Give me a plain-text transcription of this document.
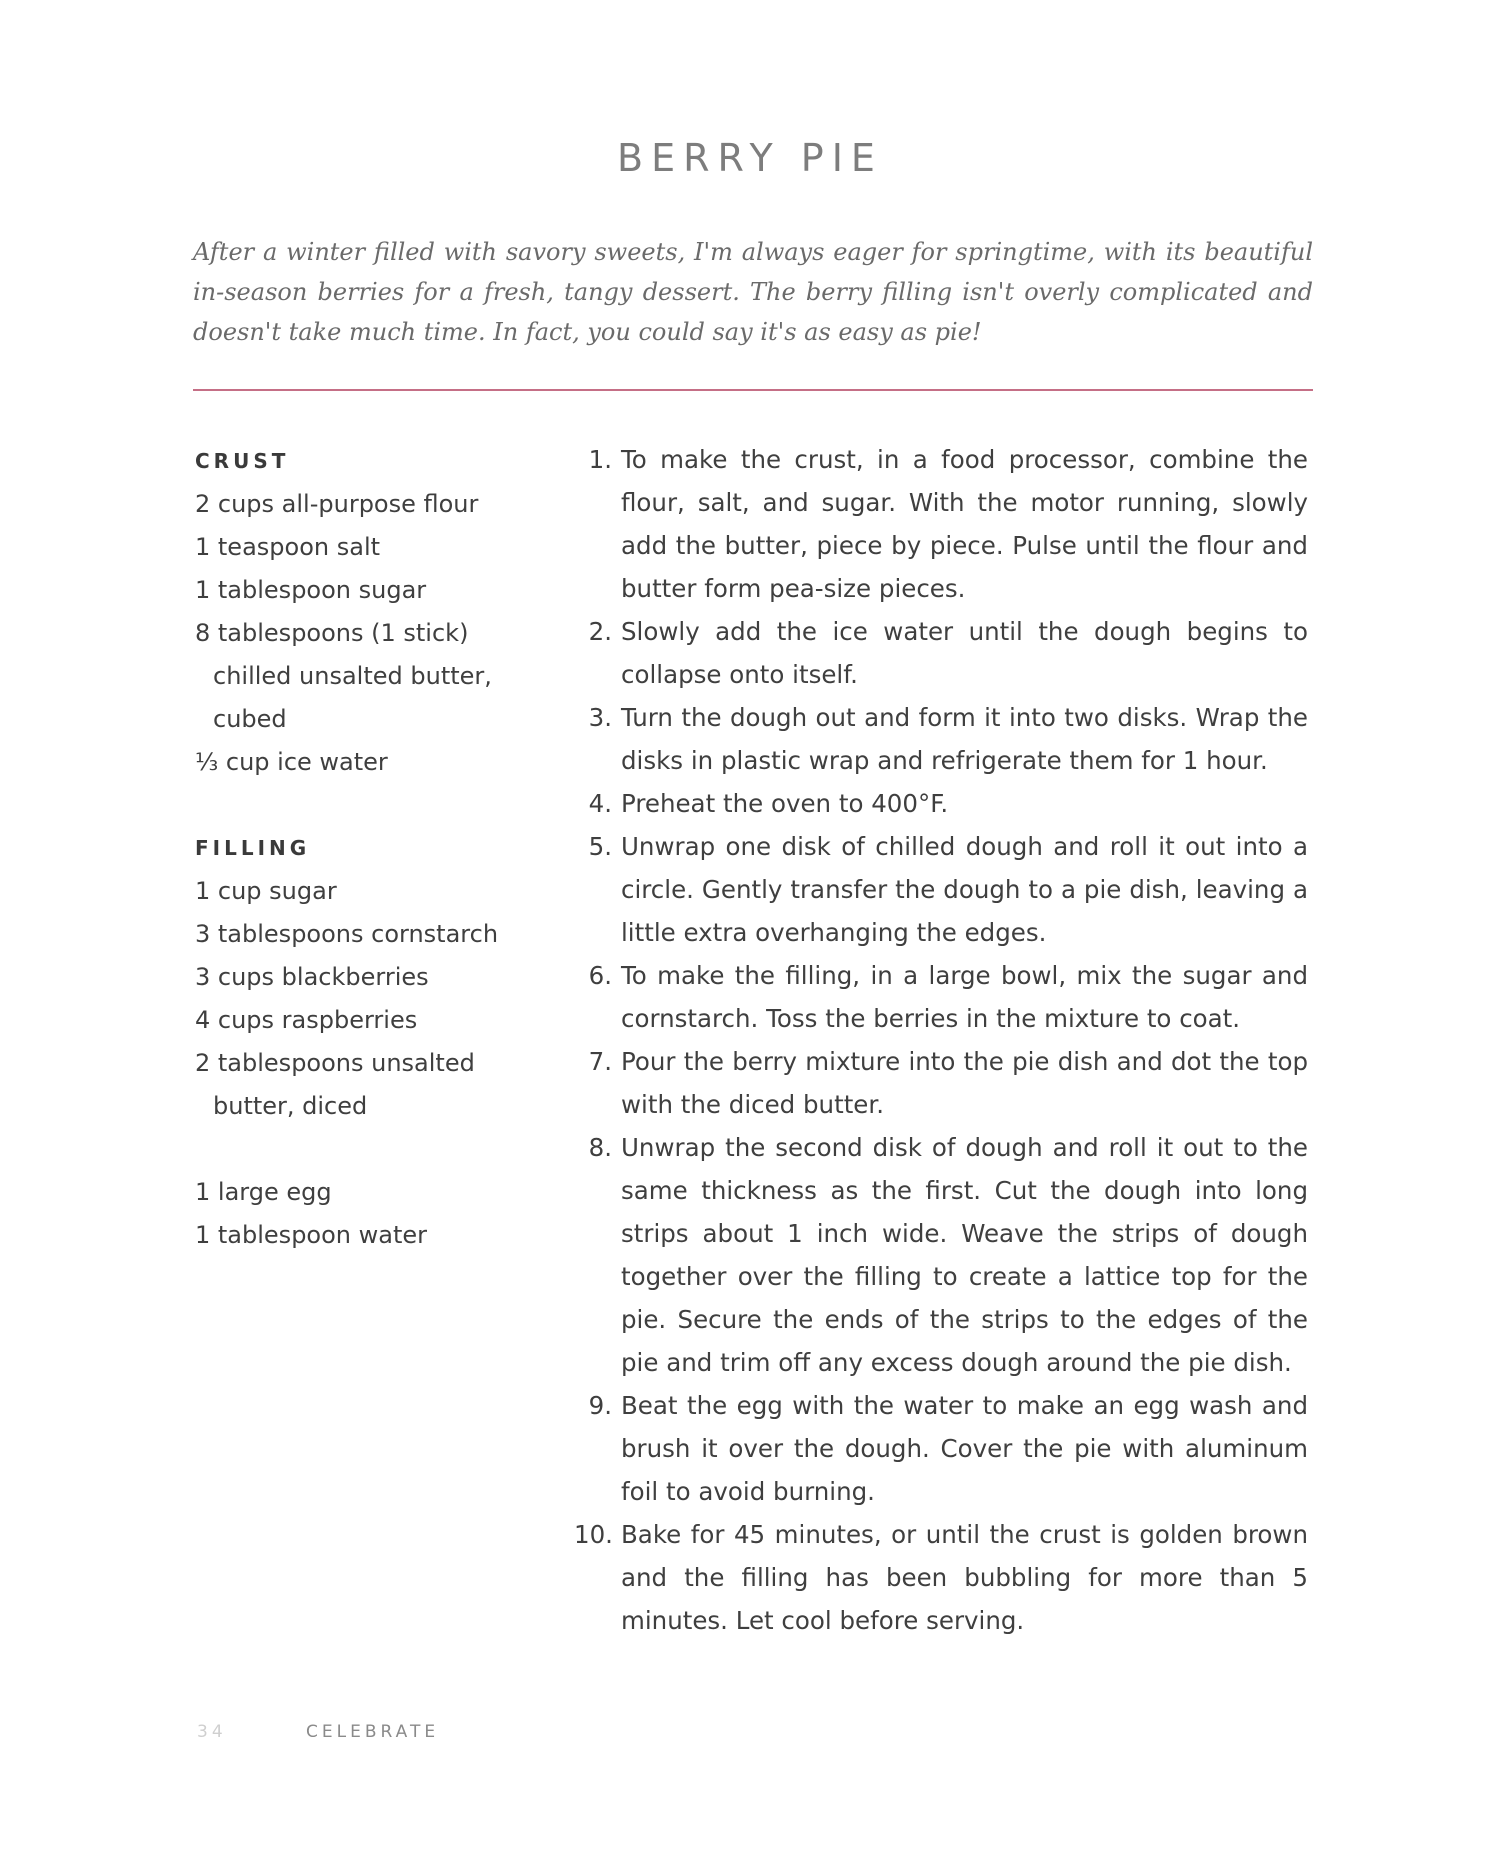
BERRY PIE

After a winter filled with savory sweets, I'm always eager for springtime, with its beautiful in-season berries for a fresh, tangy dessert. The berry filling isn't overly complicated and doesn't take much time. In fact, you could say it's as easy as pie!

CRUST
2 cups all-purpose flour
1 teaspoon salt
1 tablespoon sugar
8 tablespoons (1 stick) chilled unsalted butter, cubed
⅓ cup ice water
FILLING
1 cup sugar
3 tablespoons cornstarch
3 cups blackberries
4 cups raspberries
2 tablespoons unsalted butter, diced
1 large egg
1 tablespoon water
1. To make the crust, in a food processor, combine the flour, salt, and sugar. With the motor running, slowly add the butter, piece by piece. Pulse until the flour and butter form pea-size pieces.
2. Slowly add the ice water until the dough begins to collapse onto itself.
3. Turn the dough out and form it into two disks. Wrap the disks in plastic wrap and refrigerate them for 1 hour.
4. Preheat the oven to 400°F.
5. Unwrap one disk of chilled dough and roll it out into a circle. Gently transfer the dough to a pie dish, leaving a little extra overhanging the edges.
6. To make the filling, in a large bowl, mix the sugar and cornstarch. Toss the berries in the mixture to coat.
7. Pour the berry mixture into the pie dish and dot the top with the diced butter.
8. Unwrap the second disk of dough and roll it out to the same thickness as the first. Cut the dough into long strips about 1 inch wide. Weave the strips of dough together over the filling to create a lattice top for the pie. Secure the ends of the strips to the edges of the pie and trim off any excess dough around the pie dish.
9. Beat the egg with the water to make an egg wash and brush it over the dough. Cover the pie with aluminum foil to avoid burning.
10. Bake for 45 minutes, or until the crust is golden brown and the filling has been bubbling for more than 5 minutes. Let cool before serving.
34	CELEBRATE
